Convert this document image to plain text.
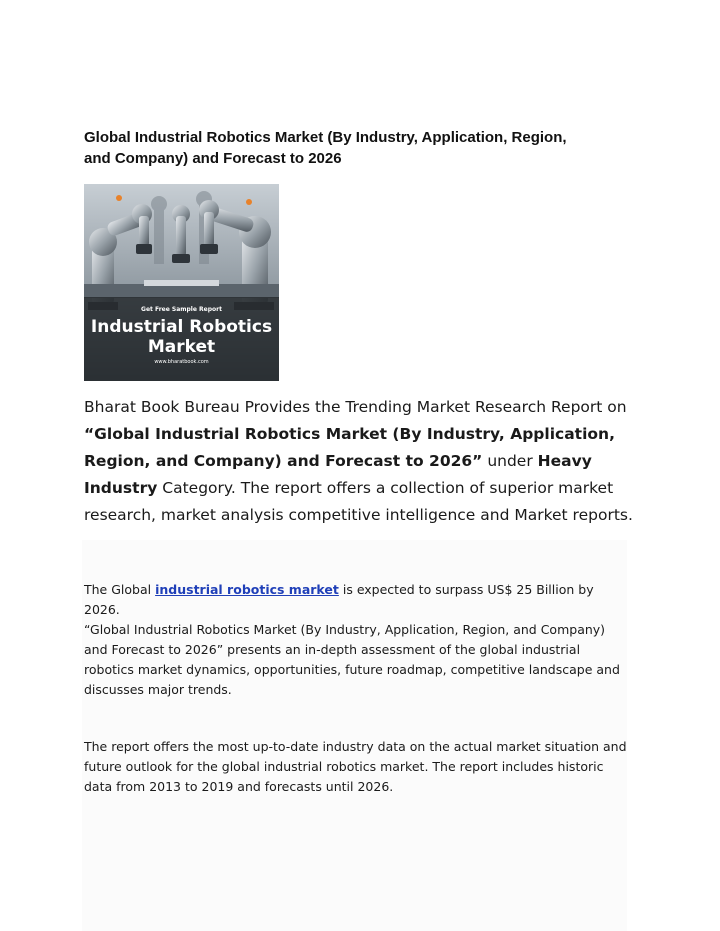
Global Industrial Robotics Market (By Industry, Application, Region,
and Company) and Forecast to 2026
Get Free Sample Report
Industrial Robotics
Market
www.bharatbook.com
Bharat Book Bureau Provides the Trending Market Research Report on “Global Industrial Robotics Market (By Industry, Application, Region, and Company) and Forecast to 2026” under Heavy Industry Category. The report offers a collection of superior market research, market analysis competitive intelligence and Market reports.
The Global industrial robotics market is expected to surpass US$ 25 Billion by 2026.
“Global Industrial Robotics Market (By Industry, Application, Region, and Company) and Forecast to 2026” presents an in-depth assessment of the global industrial robotics market dynamics, opportunities, future roadmap, competitive landscape and discusses major trends.
The report offers the most up-to-date industry data on the actual market situation and future outlook for the global industrial robotics market. The report includes historic data from 2013 to 2019 and forecasts until 2026.
